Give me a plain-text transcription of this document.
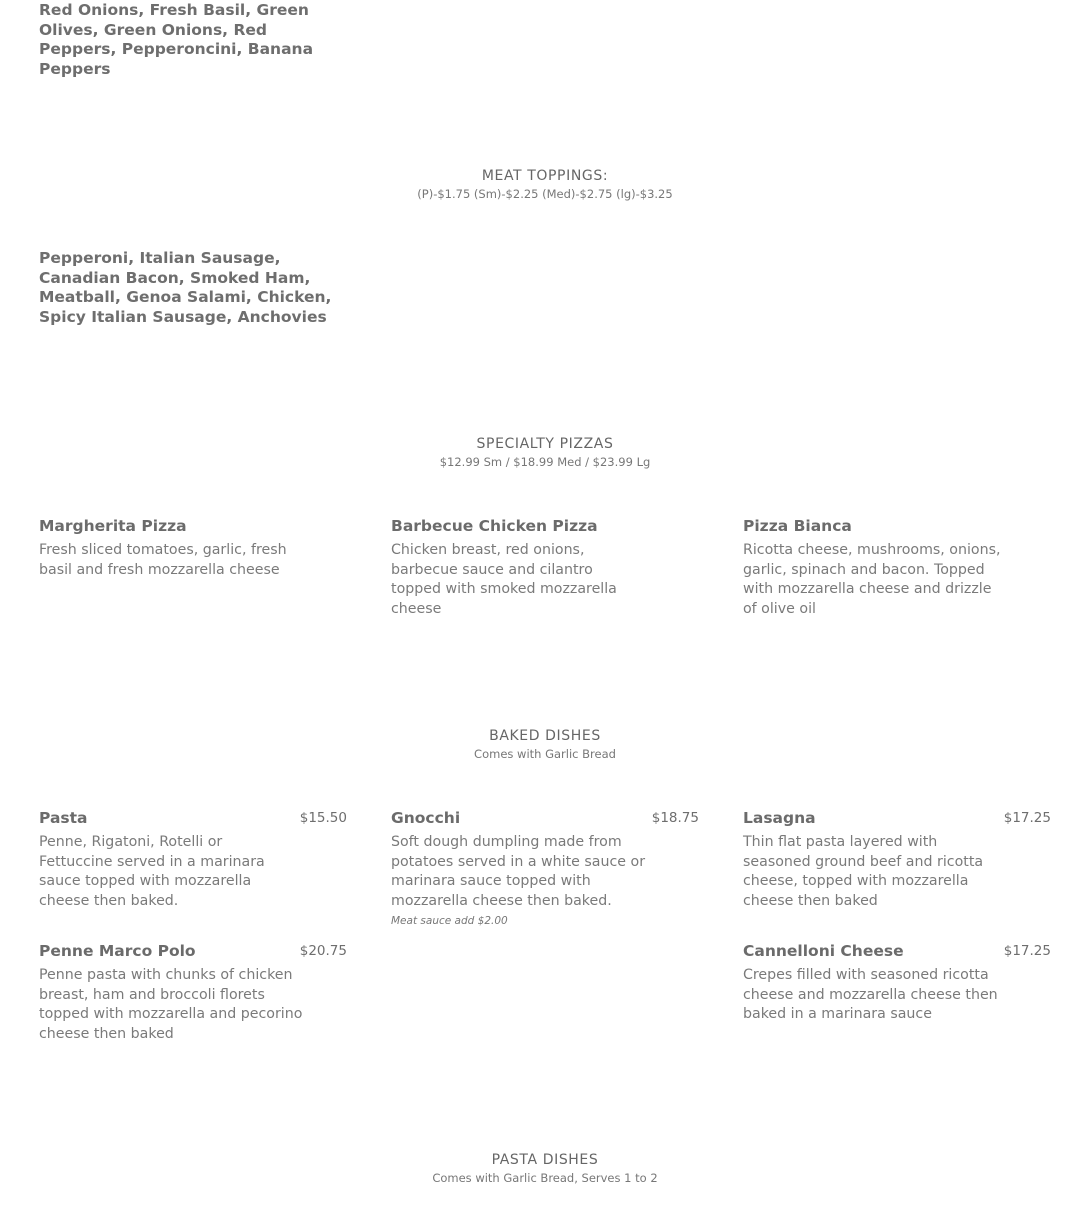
Red Onions, Fresh Basil, Green Olives, Green Onions, Red Peppers, Pepperoncini, Banana Peppers
MEAT TOPPINGS:
(P)-$1.75 (Sm)-$2.25 (Med)-$2.75 (lg)-$3.25
Pepperoni, Italian Sausage, Canadian Bacon, Smoked Ham, Meatball, Genoa Salami, Chicken, Spicy Italian Sausage, Anchovies
SPECIALTY PIZZAS
$12.99 Sm / $18.99 Med / $23.99 Lg
Margherita Pizza
Fresh sliced tomatoes, garlic, fresh basil and fresh mozzarella cheese
Barbecue Chicken Pizza
Chicken breast, red onions, barbecue sauce and cilantro topped with smoked mozzarella cheese
Pizza Bianca
Ricotta cheese, mushrooms, onions, garlic, spinach and bacon. Topped with mozzarella cheese and drizzle of olive oil
BAKED DISHES
Comes with Garlic Bread
Pasta	$15.50
Penne, Rigatoni, Rotelli or Fettuccine served in a marinara sauce topped with mozzarella cheese then baked.
Gnocchi	$18.75
Soft dough dumpling made from potatoes served in a white sauce or marinara sauce topped with mozzarella cheese then baked.
Meat sauce add $2.00
Lasagna	$17.25
Thin flat pasta layered with seasoned ground beef and ricotta cheese, topped with mozzarella cheese then baked
Penne Marco Polo	$20.75
Penne pasta with chunks of chicken breast, ham and broccoli florets topped with mozzarella and pecorino cheese then baked
Cannelloni Cheese	$17.25
Crepes filled with seasoned ricotta cheese and mozzarella cheese then baked in a marinara sauce
PASTA DISHES
Comes with Garlic Bread, Serves 1 to 2
